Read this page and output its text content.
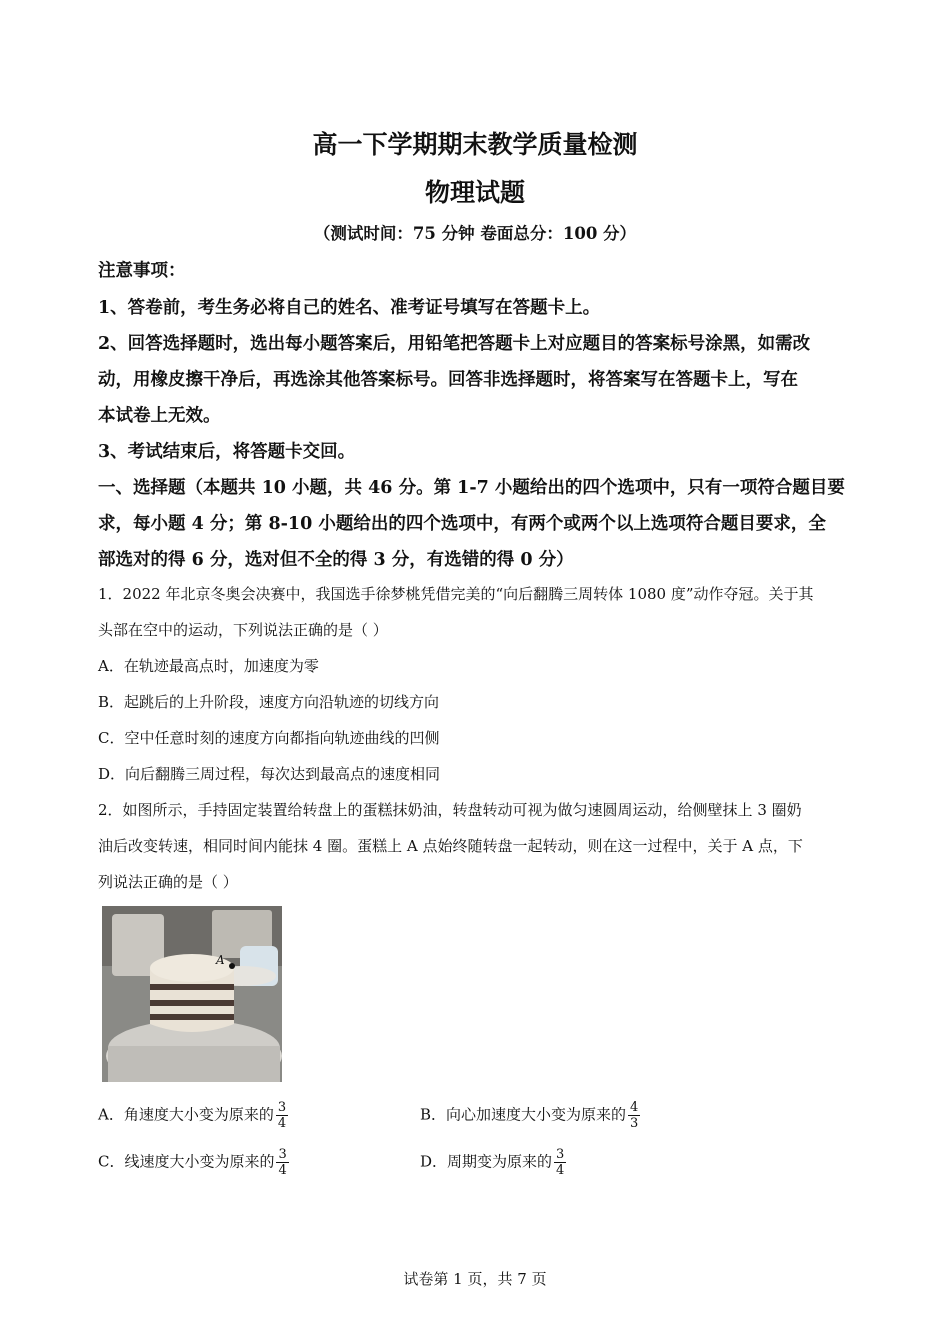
高一下学期期末教学质量检测
物理试题
（测试时间：75 分钟 卷面总分：100 分）
注意事项：
1、答卷前，考生务必将自己的姓名、准考证号填写在答题卡上。
2、回答选择题时，选出每小题答案后，用铅笔把答题卡上对应题目的答案标号涂黑，如需改
动，用橡皮擦干净后，再选涂其他答案标号。回答非选择题时，将答案写在答题卡上，写在
本试卷上无效。
3、考试结束后，将答题卡交回。
一、选择题（本题共 10 小题，共 46 分。第 1-7 小题给出的四个选项中，只有一项符合题目要
求，每小题 4 分；第 8-10 小题给出的四个选项中，有两个或两个以上选项符合题目要求，全
部选对的得 6 分，选对但不全的得 3 分，有选错的得 0 分）
1．2022 年北京冬奥会决赛中，我国选手徐梦桃凭借完美的“向后翻腾三周转体 1080 度”动作夺冠。关于其
头部在空中的运动，下列说法正确的是（ ）
A．在轨迹最高点时，加速度为零
B．起跳后的上升阶段，速度方向沿轨迹的切线方向
C．空中任意时刻的速度方向都指向轨迹曲线的凹侧
D．向后翻腾三周过程，每次达到最高点的速度相同
2．如图所示，手持固定装置给转盘上的蛋糕抹奶油，转盘转动可视为做匀速圆周运动，给侧壁抹上 3 圈奶
油后改变转速，相同时间内能抹 4 圈。蛋糕上 A 点始终随转盘一起转动，则在这一过程中，关于 A 点，下
列说法正确的是（ ）
A
A．角速度大小变为原来的 $\frac{3}{4}$	B．向心加速度大小变为原来的 $\frac{4}{3}$
C．线速度大小变为原来的 $\frac{3}{4}$	D．周期变为原来的 $\frac{3}{4}$
试卷第 1 页，共 7 页
